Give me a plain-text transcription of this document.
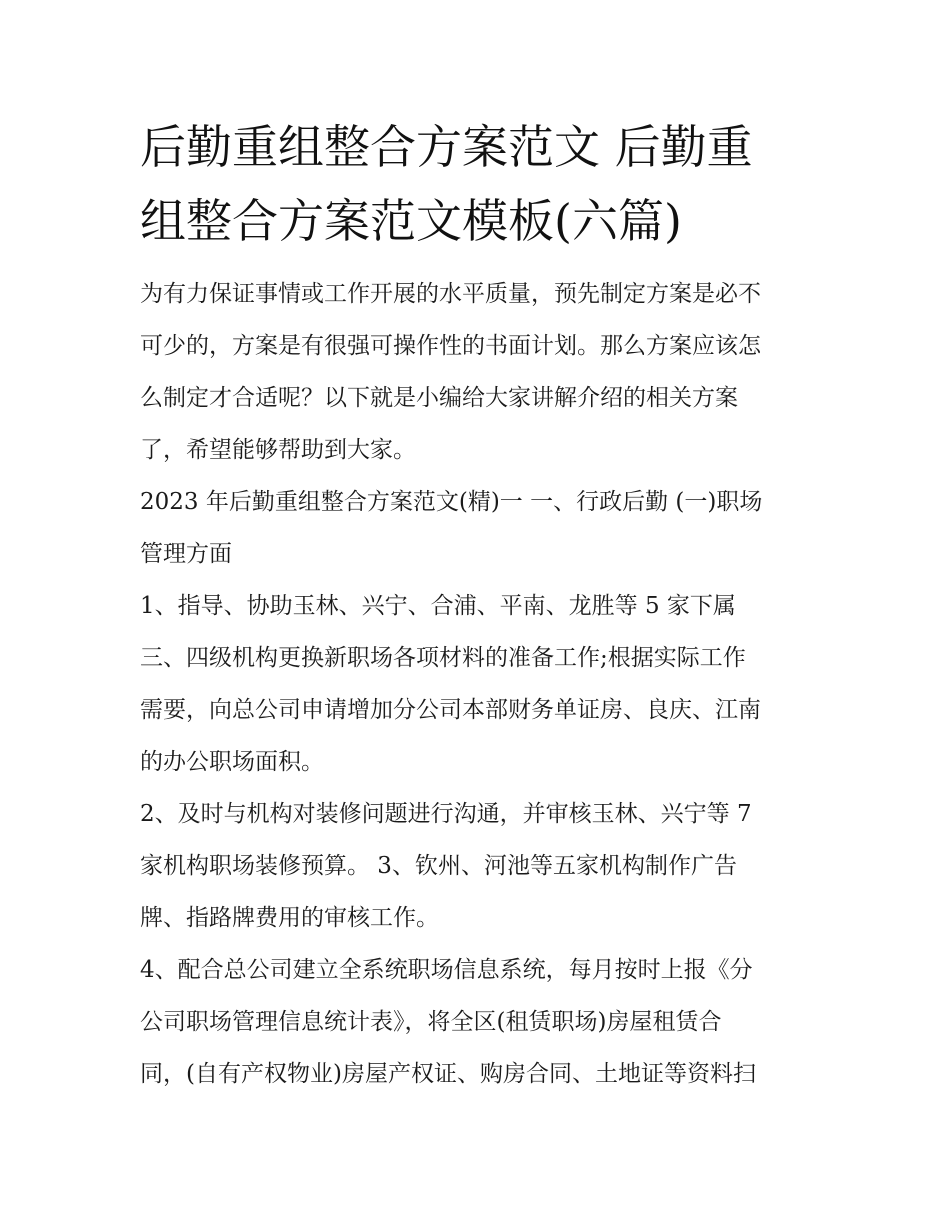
后勤重组整合方案范文 后勤重
组整合方案范文模板(六篇)

为有力保证事情或工作开展的水平质量，预先制定方案是必不
可少的，方案是有很强可操作性的书面计划。那么方案应该怎
么制定才合适呢？以下就是小编给大家讲解介绍的相关方案
了，希望能够帮助到大家。

2023 年后勤重组整合方案范文(精)一 一、行政后勤 (一)职场
管理方面

1、指导、协助玉林、兴宁、合浦、平南、龙胜等 5 家下属
三、四级机构更换新职场各项材料的准备工作;根据实际工作
需要，向总公司申请增加分公司本部财务单证房、良庆、江南
的办公职场面积。

2、及时与机构对装修问题进行沟通，并审核玉林、兴宁等 7
家机构职场装修预算。 3、钦州、河池等五家机构制作广告
牌、指路牌费用的审核工作。

4、配合总公司建立全系统职场信息系统，每月按时上报《分
公司职场管理信息统计表》，将全区(租赁职场)房屋租赁合
同，(自有产权物业)房屋产权证、购房合同、土地证等资料扫
